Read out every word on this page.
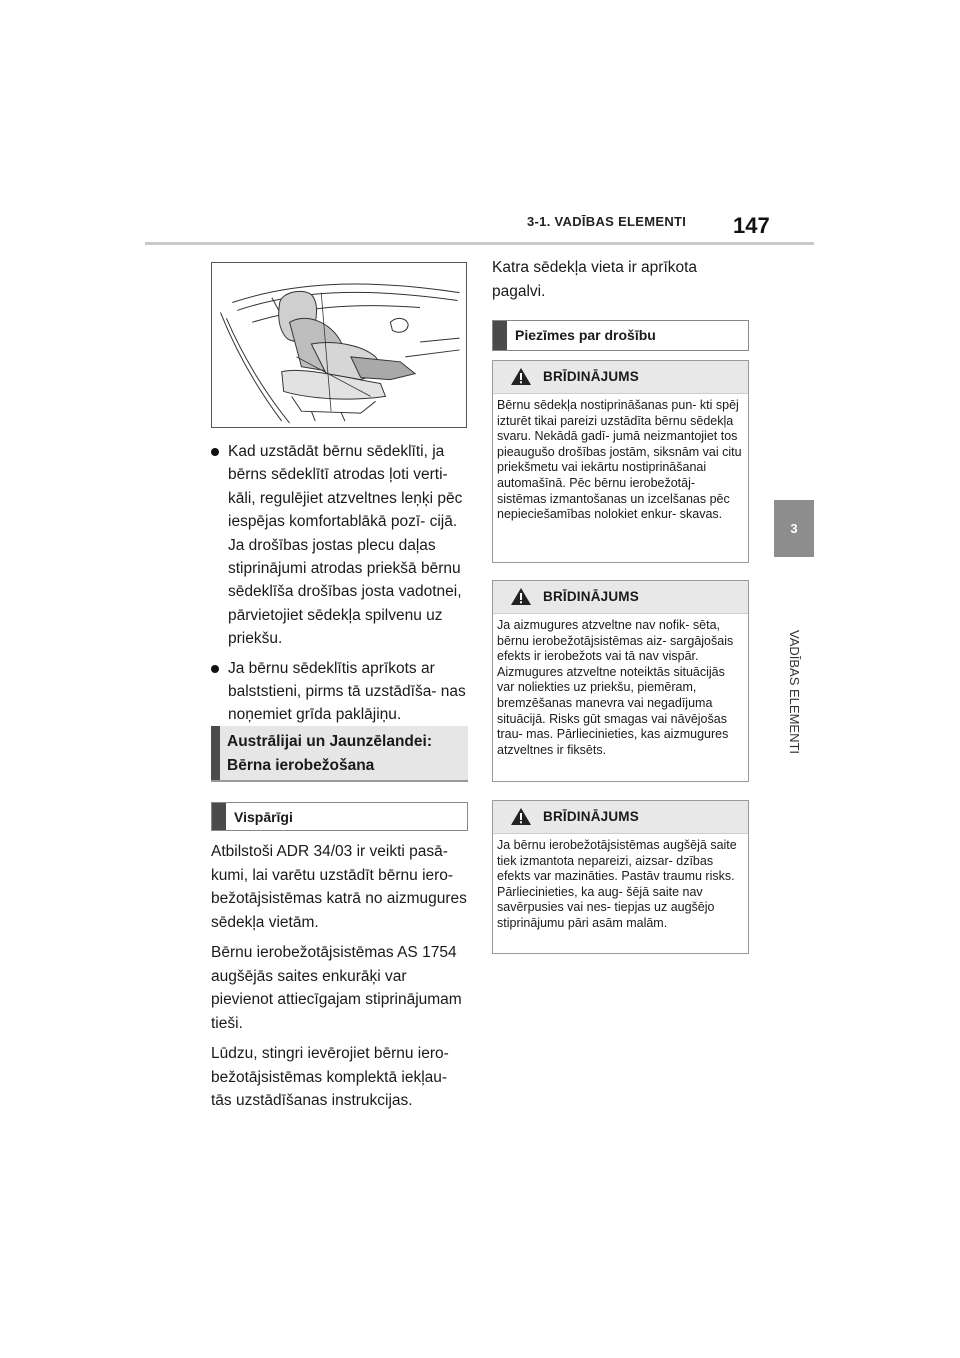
3-1. VADĪBAS ELEMENTI 147
3
VADĪBAS ELEMENTI
Kad uzstādāt bērnu sēdeklīti, ja bērns sēdeklītī atrodas ļoti verti- kāli, regulējiet atzveltnes leņķi pēc iespējas komfortablākā pozī- cijā. Ja drošības jostas plecu daļas stiprinājumi atrodas priekšā bērnu sēdeklīša drošības josta vadotnei, pārvietojiet sēdekļa spilvenu uz priekšu.
Ja bērnu sēdeklītis aprīkots ar balststieni, pirms tā uzstādīša- nas noņemiet grīda paklājiņu.
Austrālijai un Jaunzēlandei: Bērna ierobežošana
Vispārīgi

Atbilstoši ADR 34/03 ir veikti pasā- kumi, lai varētu uzstādīt bērnu iero- bežotājsistēmas katrā no aizmugures sēdekļa vietām.

Bērnu ierobežotājsistēmas AS 1754 augšējās saites enkurāķi var pievienot attiecīgajam stiprinājumam tieši.

Lūdzu, stingri ievērojiet bērnu iero- bežotājsistēmas komplektā iekļau- tās uzstādīšanas instrukcijas.

Katra sēdekļa vieta ir aprīkota pagalvi.

Piezīmes par drošību
BRĪDINĀJUMS
Bērnu sēdekļa nostiprināšanas pun- kti spēj izturēt tikai pareizi uzstādīta bērnu sēdekļa svaru. Nekādā gadī- jumā neizmantojiet tos pieaugušo drošības jostām, siksnām vai citu priekšmetu vai iekārtu nostiprināšanai automašīnā. Pēc bērnu ierobežotāj- sistēmas izmantošanas un izcelšanas pēc nepieciešamības nolokiet enkur- skavas.
BRĪDINĀJUMS
Ja aizmugures atzveltne nav nofik- sēta, bērnu ierobežotājsistēmas aiz- sargājošais efekts ir ierobežots vai tā nav vispār. Aizmugures atzveltne noteiktās situācijās var noliekties uz priekšu, piemēram, bremzēšanas manevra vai negadījuma situācijā. Risks gūt smagas vai nāvējošas trau- mas. Pārliecinieties, kas aizmugures atzveltnes ir fiksēts.
BRĪDINĀJUMS
Ja bērnu ierobežotājsistēmas augšējā saite tiek izmantota nepareizi, aizsar- dzības efekts var mazināties. Pastāv traumu risks. Pārliecinieties, ka aug- šējā saite nav savērpusies vai nes- tiepjas uz augšējo stiprinājumu pāri asām malām.
